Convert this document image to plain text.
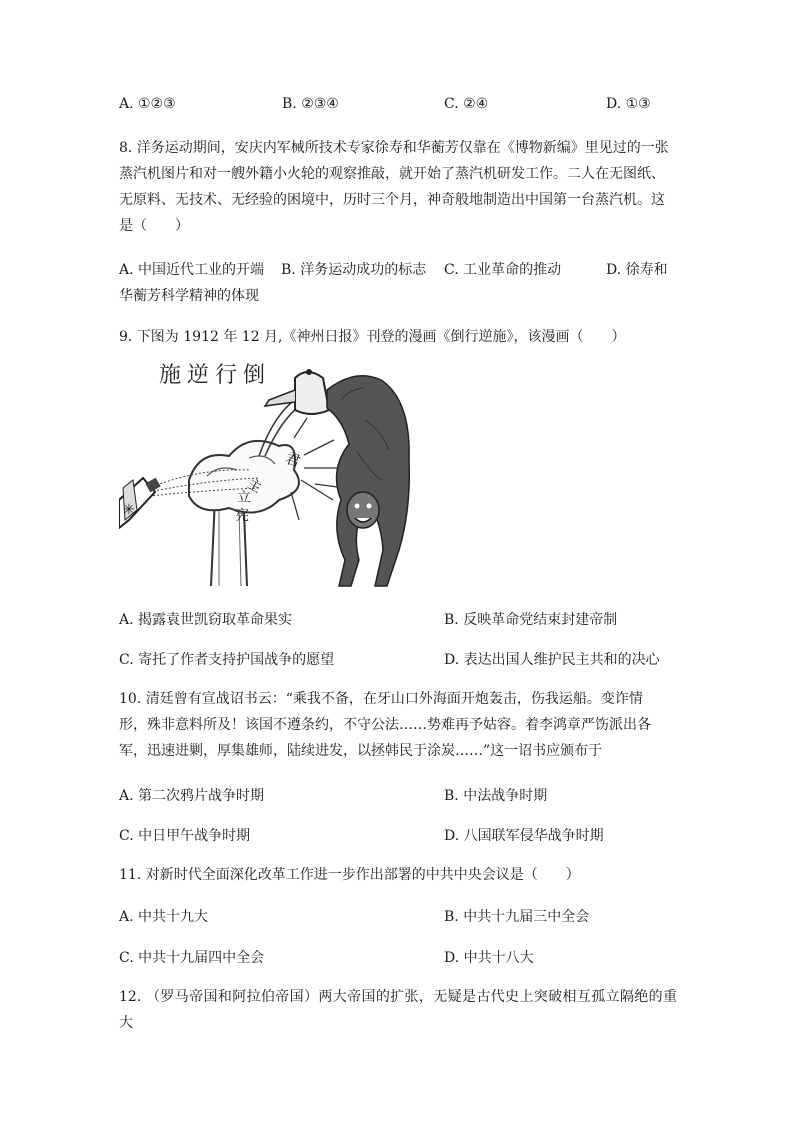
A. ①②③	B. ②③④	C. ②④	D. ①③
8. 洋务运动期间，安庆内军械所技术专家徐寿和华蘅芳仅靠在《博物新编》里见过的一张
蒸汽机图片和对一艘外籍小火轮的观察推敲，就开始了蒸汽机研发工作。二人在无图纸、
无原料、无技术、无经验的困境中，历时三个月，神奇般地制造出中国第一台蒸汽机。这
是（　　）
A. 中国近代工业的开端 B. 洋务运动成功的标志 C. 工业革命的推动	D. 徐寿和
华蘅芳科学精神的体现
9. 下图为 1912 年 12 月,《神州日报》刊登的漫画《倒行逆施》，该漫画（　　）
施逆行倒
✳
君
主
立
宪
A. 揭露袁世凯窃取革命果实	B. 反映革命党结束封建帝制
C. 寄托了作者支持护国战争的愿望	D. 表达出国人维护民主共和的决心
10. 清廷曾有宣战诏书云：“乘我不备，在牙山口外海面开炮轰击，伤我运船。变诈情
形，殊非意料所及！该国不遵条约，不守公法……势难再予姑容。着李鸿章严饬派出各
军，迅速进剿，厚集雄师，陆续进发，以拯韩民于涂炭……”这一诏书应颁布于
A. 第二次鸦片战争时期	B. 中法战争时期
C. 中日甲午战争时期	D. 八国联军侵华战争时期
11. 对新时代全面深化改革工作进一步作出部署的中共中央会议是（　　）
A. 中共十九大	B. 中共十九届三中全会
C. 中共十九届四中全会	D. 中共十八大
12. （罗马帝国和阿拉伯帝国）两大帝国的扩张，无疑是古代史上突破相互孤立隔绝的重大
